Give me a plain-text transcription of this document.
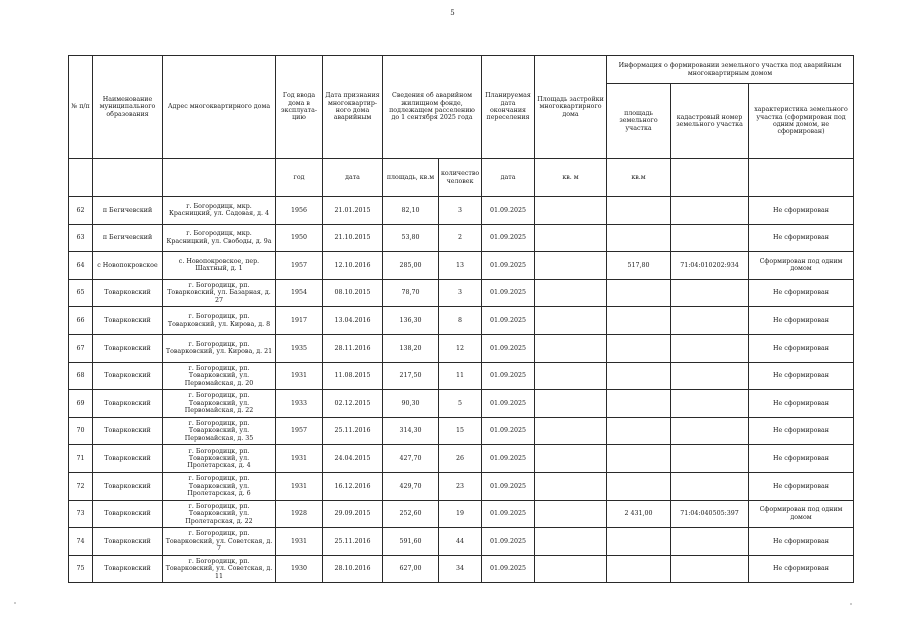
5
№ п/п	Наименование муниципального образования	Адрес многоквартирного дома	Год ввода дома в эксплуата-цию	Дата признания многоквартир-ного дома аварийным	Сведения об аварийном жилищном фонде, подлежащем расселению до 1 сентября 2025 года		Планируемая дата окончания переселения	Площадь застройки многоквартирного дома	Информация о формировании земельного участка под аварийным многоквартирным домом		
									площадь земельного участка	кадастровый номер земельного участка	характеристика земельного участка (сформирован под одним домом, не сформирован)
			год	дата	площадь, кв.м	количество человек	дата	кв. м	кв.м		
62	п Бегичевский	г. Богородицк, мкр. Красницкий, ул. Садовая, д. 4	1956	21.01.2015	82,10	3	01.09.2025				Не сформирован
63	п Бегичевский	г. Богородицк, мкр. Красницкий, ул. Свободы, д. 9а	1950	21.10.2015	53,80	2	01.09.2025				Не сформирован
64	с Новопокровское	с. Новопокровское, пер. Шахтный, д. 1	1957	12.10.2016	285,00	13	01.09.2025		517,80	71:04:010202:934	Сформирован под одним домом
65	Товарковский	г. Богородицк, рп. Товарковский, ул. Базарная, д. 27	1954	08.10.2015	78,70	3	01.09.2025				Не сформирован
66	Товарковский	г. Богородицк, рп. Товарковский, ул. Кирова, д. 8	1917	13.04.2016	136,30	8	01.09.2025				Не сформирован
67	Товарковский	г. Богородицк, рп. Товарковский, ул. Кирова, д. 21	1935	28.11.2016	138,20	12	01.09.2025				Не сформирован
68	Товарковский	г. Богородицк, рп. Товарковский, ул. Первомайская, д. 20	1931	11.08.2015	217,50	11	01.09.2025				Не сформирован
69	Товарковский	г. Богородицк, рп. Товарковский, ул. Первомайская, д. 22	1933	02.12.2015	90,30	5	01.09.2025				Не сформирован
70	Товарковский	г. Богородицк, рп. Товарковский, ул. Первомайская, д. 35	1957	25.11.2016	314,30	15	01.09.2025				Не сформирован
71	Товарковский	г. Богородицк, рп. Товарковский, ул. Пролетарская, д. 4	1931	24.04.2015	427,70	26	01.09.2025				Не сформирован
72	Товарковский	г. Богородицк, рп. Товарковский, ул. Пролетарская, д. 6	1931	16.12.2016	429,70	23	01.09.2025				Не сформирован
73	Товарковский	г. Богородицк, рп. Товарковский, ул. Пролетарская, д. 22	1928	29.09.2015	252,60	19	01.09.2025		2 431,00	71:04:040505:397	Сформирован под одним домом
74	Товарковский	г. Богородицк, рп. Товарковский, ул. Советская, д. 7	1931	25.11.2016	591,60	44	01.09.2025				Не сформирован
75	Товарковский	г. Богородицк, рп. Товарковский, ул. Советская, д. 11	1930	28.10.2016	627,00	34	01.09.2025				Не сформирован
